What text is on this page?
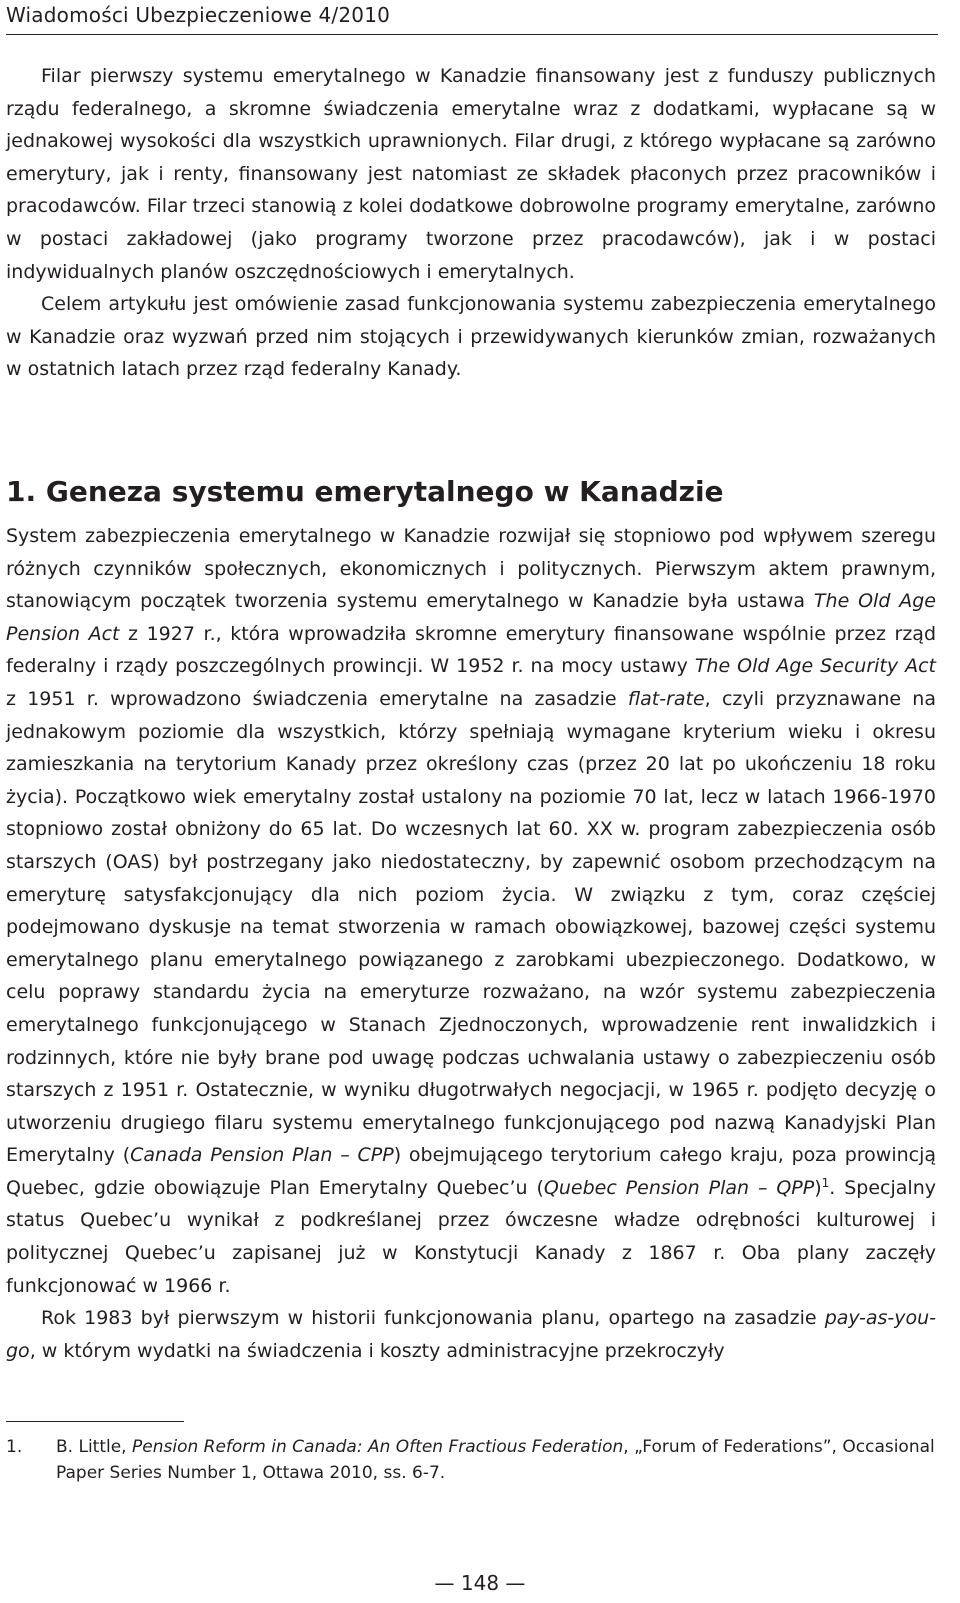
Wiadomości Ubezpieczeniowe 4/2010

Filar pierwszy systemu emerytalnego w Kanadzie finansowany jest z funduszy publicznych rządu federalnego, a skromne świadczenia emerytalne wraz z dodatkami, wypłacane są w jednakowej wysokości dla wszystkich uprawnionych. Filar drugi, z którego wypłacane są zarówno emerytury, jak i renty, finansowany jest natomiast ze składek płaconych przez pracowników i pracodawców. Filar trzeci stanowią z kolei dodatkowe dobrowolne programy emerytalne, zarówno w postaci zakładowej (jako programy tworzone przez pracodawców), jak i w postaci indywidualnych planów oszczędnościowych i emerytalnych.

Celem artykułu jest omówienie zasad funkcjonowania systemu zabezpieczenia emerytalnego w Kanadzie oraz wyzwań przed nim stojących i przewidywanych kierunków zmian, rozważanych w ostatnich latach przez rząd federalny Kanady.

1. Geneza systemu emerytalnego w Kanadzie

System zabezpieczenia emerytalnego w Kanadzie rozwijał się stopniowo pod wpływem szeregu różnych czynników społecznych, ekonomicznych i politycznych. Pierwszym aktem prawnym, stanowiącym początek tworzenia systemu emerytalnego w Kanadzie była ustawa The Old Age Pension Act z 1927 r., która wprowadziła skromne emerytury finansowane wspólnie przez rząd federalny i rządy poszczególnych prowincji. W 1952 r. na mocy ustawy The Old Age Security Act z 1951 r. wprowadzono świadczenia emerytalne na zasadzie flat-rate, czyli przyznawane na jednakowym poziomie dla wszystkich, którzy spełniają wymagane kryterium wieku i okresu zamieszkania na terytorium Kanady przez określony czas (przez 20 lat po ukończeniu 18 roku życia). Początkowo wiek emerytalny został ustalony na poziomie 70 lat, lecz w latach 1966-1970 stopniowo został obniżony do 65 lat. Do wczesnych lat 60. XX w. program zabezpieczenia osób starszych (OAS) był postrzegany jako niedostateczny, by zapewnić osobom przechodzącym na emeryturę satysfakcjonujący dla nich poziom życia. W związku z tym, coraz częściej podejmowano dyskusje na temat stworzenia w ramach obowiązkowej, bazowej części systemu emerytalnego planu emerytalnego powiązanego z zarobkami ubezpieczonego. Dodatkowo, w celu poprawy standardu życia na emeryturze rozważano, na wzór systemu zabezpieczenia emerytalnego funkcjonującego w Stanach Zjednoczonych, wprowadzenie rent inwalidzkich i rodzinnych, które nie były brane pod uwagę podczas uchwalania ustawy o zabezpieczeniu osób starszych z 1951 r. Ostatecznie, w wyniku długotrwałych negocjacji, w 1965 r. podjęto decyzję o utworzeniu drugiego filaru systemu emerytalnego funkcjonującego pod nazwą Kanadyjski Plan Emerytalny (Canada Pension Plan – CPP) obejmującego terytorium całego kraju, poza prowincją Quebec, gdzie obowiązuje Plan Emerytalny Quebec’u (Quebec Pension Plan – QPP)$^1$. Specjalny status Quebec’u wynikał z podkreślanej przez ówczesne władze odrębności kulturowej i politycznej Quebec’u zapisanej już w Konstytucji Kanady z 1867 r. Oba plany zaczęły funkcjonować w 1966 r.

Rok 1983 był pierwszym w historii funkcjonowania planu, opartego na zasadzie pay-as-you-go, w którym wydatki na świadczenia i koszty administracyjne przekroczyły

1. B. Little, Pension Reform in Canada: An Often Fractious Federation, „Forum of Federations”, Occasional Paper Series Number 1, Ottawa 2010, ss. 6-7.
— 148 —
